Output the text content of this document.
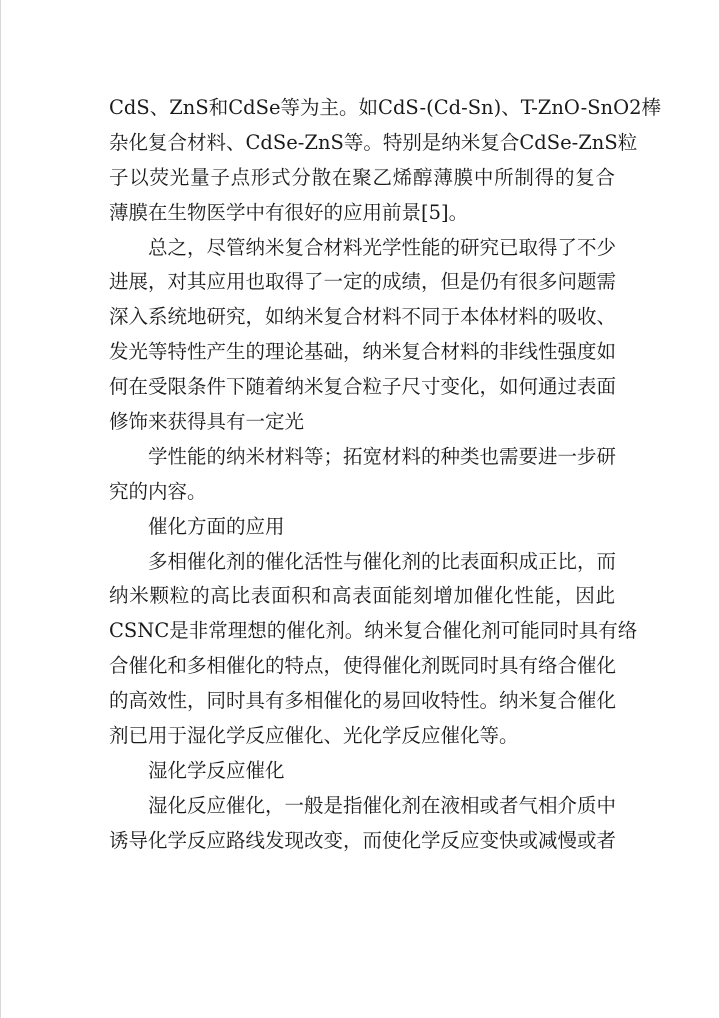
CdS、ZnS和CdSe等为主。如CdS-(Cd-Sn)、T-ZnO-SnO2棒
杂化复合材料、CdSe-ZnS等。特别是纳米复合CdSe-ZnS粒
子以荧光量子点形式分散在聚乙烯醇薄膜中所制得的复合
薄膜在生物医学中有很好的应用前景[5]。
总之，尽管纳米复合材料光学性能的研究已取得了不少
进展，对其应用也取得了一定的成绩，但是仍有很多问题需
深入系统地研究，如纳米复合材料不同于本体材料的吸收、
发光等特性产生的理论基础，纳米复合材料的非线性强度如
何在受限条件下随着纳米复合粒子尺寸变化，如何通过表面
修饰来获得具有一定光
学性能的纳米材料等；拓宽材料的种类也需要进一步研
究的内容。
催化方面的应用
多相催化剂的催化活性与催化剂的比表面积成正比，而
纳米颗粒的高比表面积和高表面能刻增加催化性能，因此
CSNC是非常理想的催化剂。纳米复合催化剂可能同时具有络
合催化和多相催化的特点，使得催化剂既同时具有络合催化
的高效性，同时具有多相催化的易回收特性。纳米复合催化
剂已用于湿化学反应催化、光化学反应催化等。
湿化学反应催化
湿化反应催化，一般是指催化剂在液相或者气相介质中
诱导化学反应路线发现改变，而使化学反应变快或减慢或者
